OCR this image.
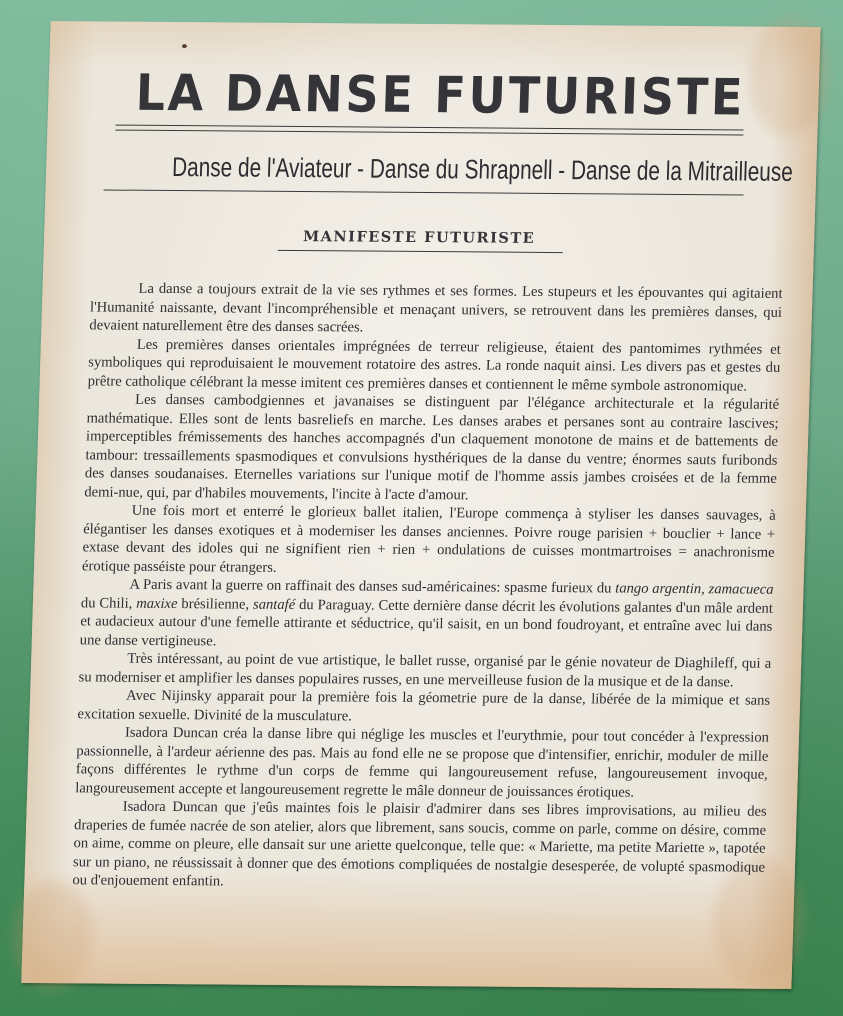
LA DANSE FUTURISTE
Danse de l'Aviateur - Danse du Shrapnell - Danse de la Mitrailleuse
MANIFESTE FUTURISTE

La danse a toujours extrait de la vie ses rythmes et ses formes. Les stupeurs et les épouvantes qui agitaient l'Humanité naissante, devant l'incompréhensible et menaçant univers, se retrouvent dans les premières danses, qui devaient naturellement être des danses sacrées.

Les premières danses orientales imprégnées de terreur religieuse, étaient des pantomimes rythmées et symboliques qui reproduisaient le mouvement rotatoire des astres. La ronde naquit ainsi. Les divers pas et gestes du prêtre catholique célébrant la messe imitent ces premières danses et contiennent le même symbole astronomique.

Les danses cambodgiennes et javanaises se distinguent par l'élégance architecturale et la régularité mathématique. Elles sont de lents basreliefs en marche. Les danses arabes et persanes sont au contraire lascives; imperceptibles frémissements des hanches accompagnés d'un claquement monotone de mains et de battements de tambour: tressaillements spasmodiques et convulsions hysthériques de la danse du ventre; énormes sauts furibonds des danses soudanaises. Eternelles variations sur l'unique motif de l'homme assis jambes croisées et de la femme demi-nue, qui, par d'habiles mouvements, l'incite à l'acte d'amour.

Une fois mort et enterré le glorieux ballet italien, l'Europe commença à styliser les danses sauvages, à élégantiser les danses exotiques et à moderniser les danses anciennes. Poivre rouge parisien + bouclier + lance + extase devant des idoles qui ne signifient rien + rien + ondulations de cuisses montmartroises = anachronisme érotique passéiste pour étrangers.

A Paris avant la guerre on raffinait des danses sud-américaines: spasme furieux du tango argentin, zamacueca du Chili, maxixe brésilienne, santafé du Paraguay. Cette dernière danse décrit les évolutions galantes d'un mâle ardent et audacieux autour d'une femelle attirante et séductrice, qu'il saisit, en un bond foudroyant, et entraîne avec lui dans une danse vertigineuse.

Très intéressant, au point de vue artistique, le ballet russe, organisé par le génie novateur de Diaghileff, qui a su moderniser et amplifier les danses populaires russes, en une merveilleuse fusion de la musique et de la danse.

Avec Nijinsky apparait pour la première fois la géometrie pure de la danse, libérée de la mimique et sans excitation sexuelle. Divinité de la musculature.

Isadora Duncan créa la danse libre qui néglige les muscles et l'eurythmie, pour tout concéder à l'expression passionnelle, à l'ardeur aérienne des pas. Mais au fond elle ne se propose que d'intensifier, enrichir, moduler de mille façons différentes le rythme d'un corps de femme qui langoureusement refuse, langoureusement invoque, langoureusement accepte et langoureusement regrette le mâle donneur de jouissances érotiques.

Isadora Duncan que j'eûs maintes fois le plaisir d'admirer dans ses libres improvisations, au milieu des draperies de fumée nacrée de son atelier, alors que librement, sans soucis, comme on parle, comme on désire, comme on aime, comme on pleure, elle dansait sur une ariette quelconque, telle que: « Mariette, ma petite Mariette », tapotée sur un piano, ne réussissait à donner que des émotions compliquées de nostalgie desesperée, de volupté spasmodique ou d'enjouement enfantin.
